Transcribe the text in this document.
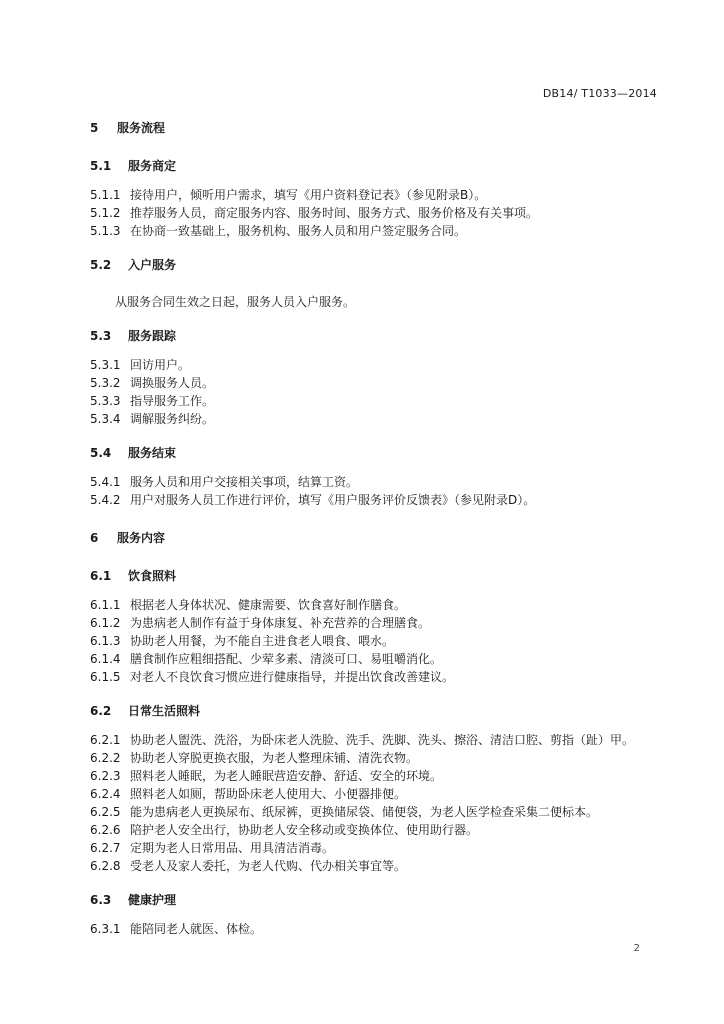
DB14/ T1033—2014
5	服务流程
5.1	服务商定
5.1.1 接待用户，倾听用户需求，填写《用户资料登记表》（参见附录B）。
5.1.2 推荐服务人员，商定服务内容、服务时间、服务方式、服务价格及有关事项。
5.1.3 在协商一致基础上，服务机构、服务人员和用户签定服务合同。
5.2	入户服务
从服务合同生效之日起，服务人员入户服务。
5.3	服务跟踪
5.3.1 回访用户。
5.3.2 调换服务人员。
5.3.3 指导服务工作。
5.3.4 调解服务纠纷。
5.4	服务结束
5.4.1 服务人员和用户交接相关事项，结算工资。
5.4.2 用户对服务人员工作进行评价，填写《用户服务评价反馈表》（参见附录D）。
6	服务内容
6.1	饮食照料
6.1.1 根据老人身体状况、健康需要、饮食喜好制作膳食。
6.1.2 为患病老人制作有益于身体康复、补充营养的合理膳食。
6.1.3 协助老人用餐，为不能自主进食老人喂食、喂水。
6.1.4 膳食制作应粗细搭配、少荤多素、清淡可口、易咀嚼消化。
6.1.5 对老人不良饮食习惯应进行健康指导，并提出饮食改善建议。
6.2	日常生活照料
6.2.1 协助老人盥洗、洗浴，为卧床老人洗脸、洗手、洗脚、洗头、擦浴、清洁口腔、剪指（趾）甲。
6.2.2 协助老人穿脱更换衣服，为老人整理床铺、清洗衣物。
6.2.3 照料老人睡眠，为老人睡眠营造安静、舒适、安全的环境。
6.2.4 照料老人如厕，帮助卧床老人使用大、小便器排便。
6.2.5 能为患病老人更换尿布、纸尿裤，更换储尿袋、储便袋，为老人医学检查采集二便标本。
6.2.6 陪护老人安全出行，协助老人安全移动或变换体位、使用助行器。
6.2.7 定期为老人日常用品、用具清洁消毒。
6.2.8 受老人及家人委托，为老人代购、代办相关事宜等。
6.3	健康护理
6.3.1 能陪同老人就医、体检。
2
